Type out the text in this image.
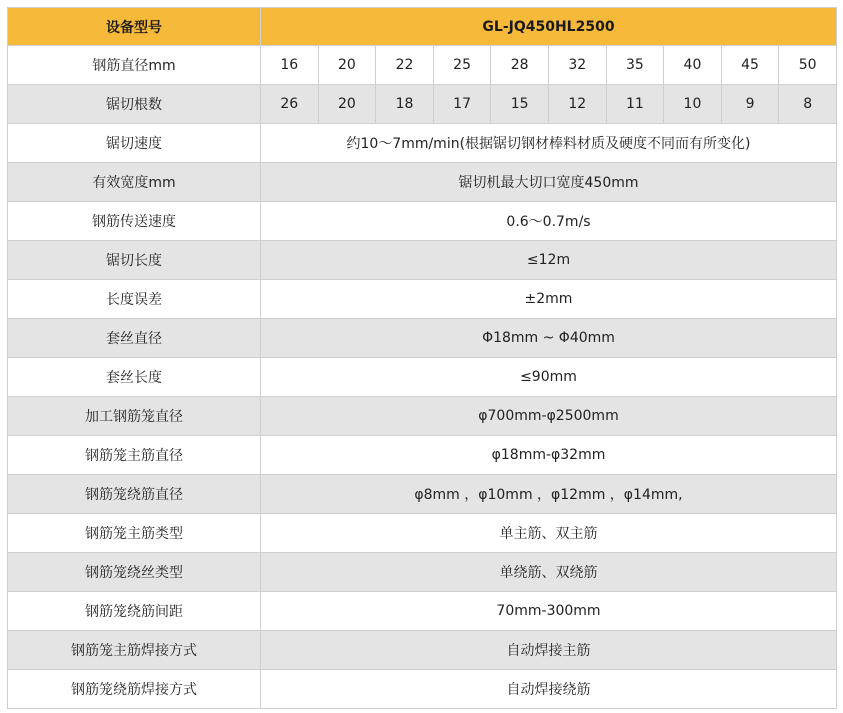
设备型号	GL-JQ450HL2500									
钢筋直径mm	16	20	22	25	28	32	35	40	45	50
锯切根数	26	20	18	17	15	12	11	10	9	8
锯切速度	约10～7mm/min(根据锯切钢材棒料材质及硬度不同而有所变化)									
有效宽度mm	锯切机最大切口宽度450mm									
钢筋传送速度	0.6～0.7m/s									
锯切长度	≤12m									
长度误差	±2mm									
套丝直径	Φ18mm ~ Φ40mm									
套丝长度	≤90mm									
加工钢筋笼直径	φ700mm-φ2500mm									
钢筋笼主筋直径	φ18mm-φ32mm									
钢筋笼绕筋直径	φ8mm ，φ10mm ，φ12mm ，φ14mm,									
钢筋笼主筋类型	单主筋、双主筋									
钢筋笼绕丝类型	单绕筋、双绕筋									
钢筋笼绕筋间距	70mm-300mm									
钢筋笼主筋焊接方式	自动焊接主筋									
钢筋笼绕筋焊接方式	自动焊接绕筋									
